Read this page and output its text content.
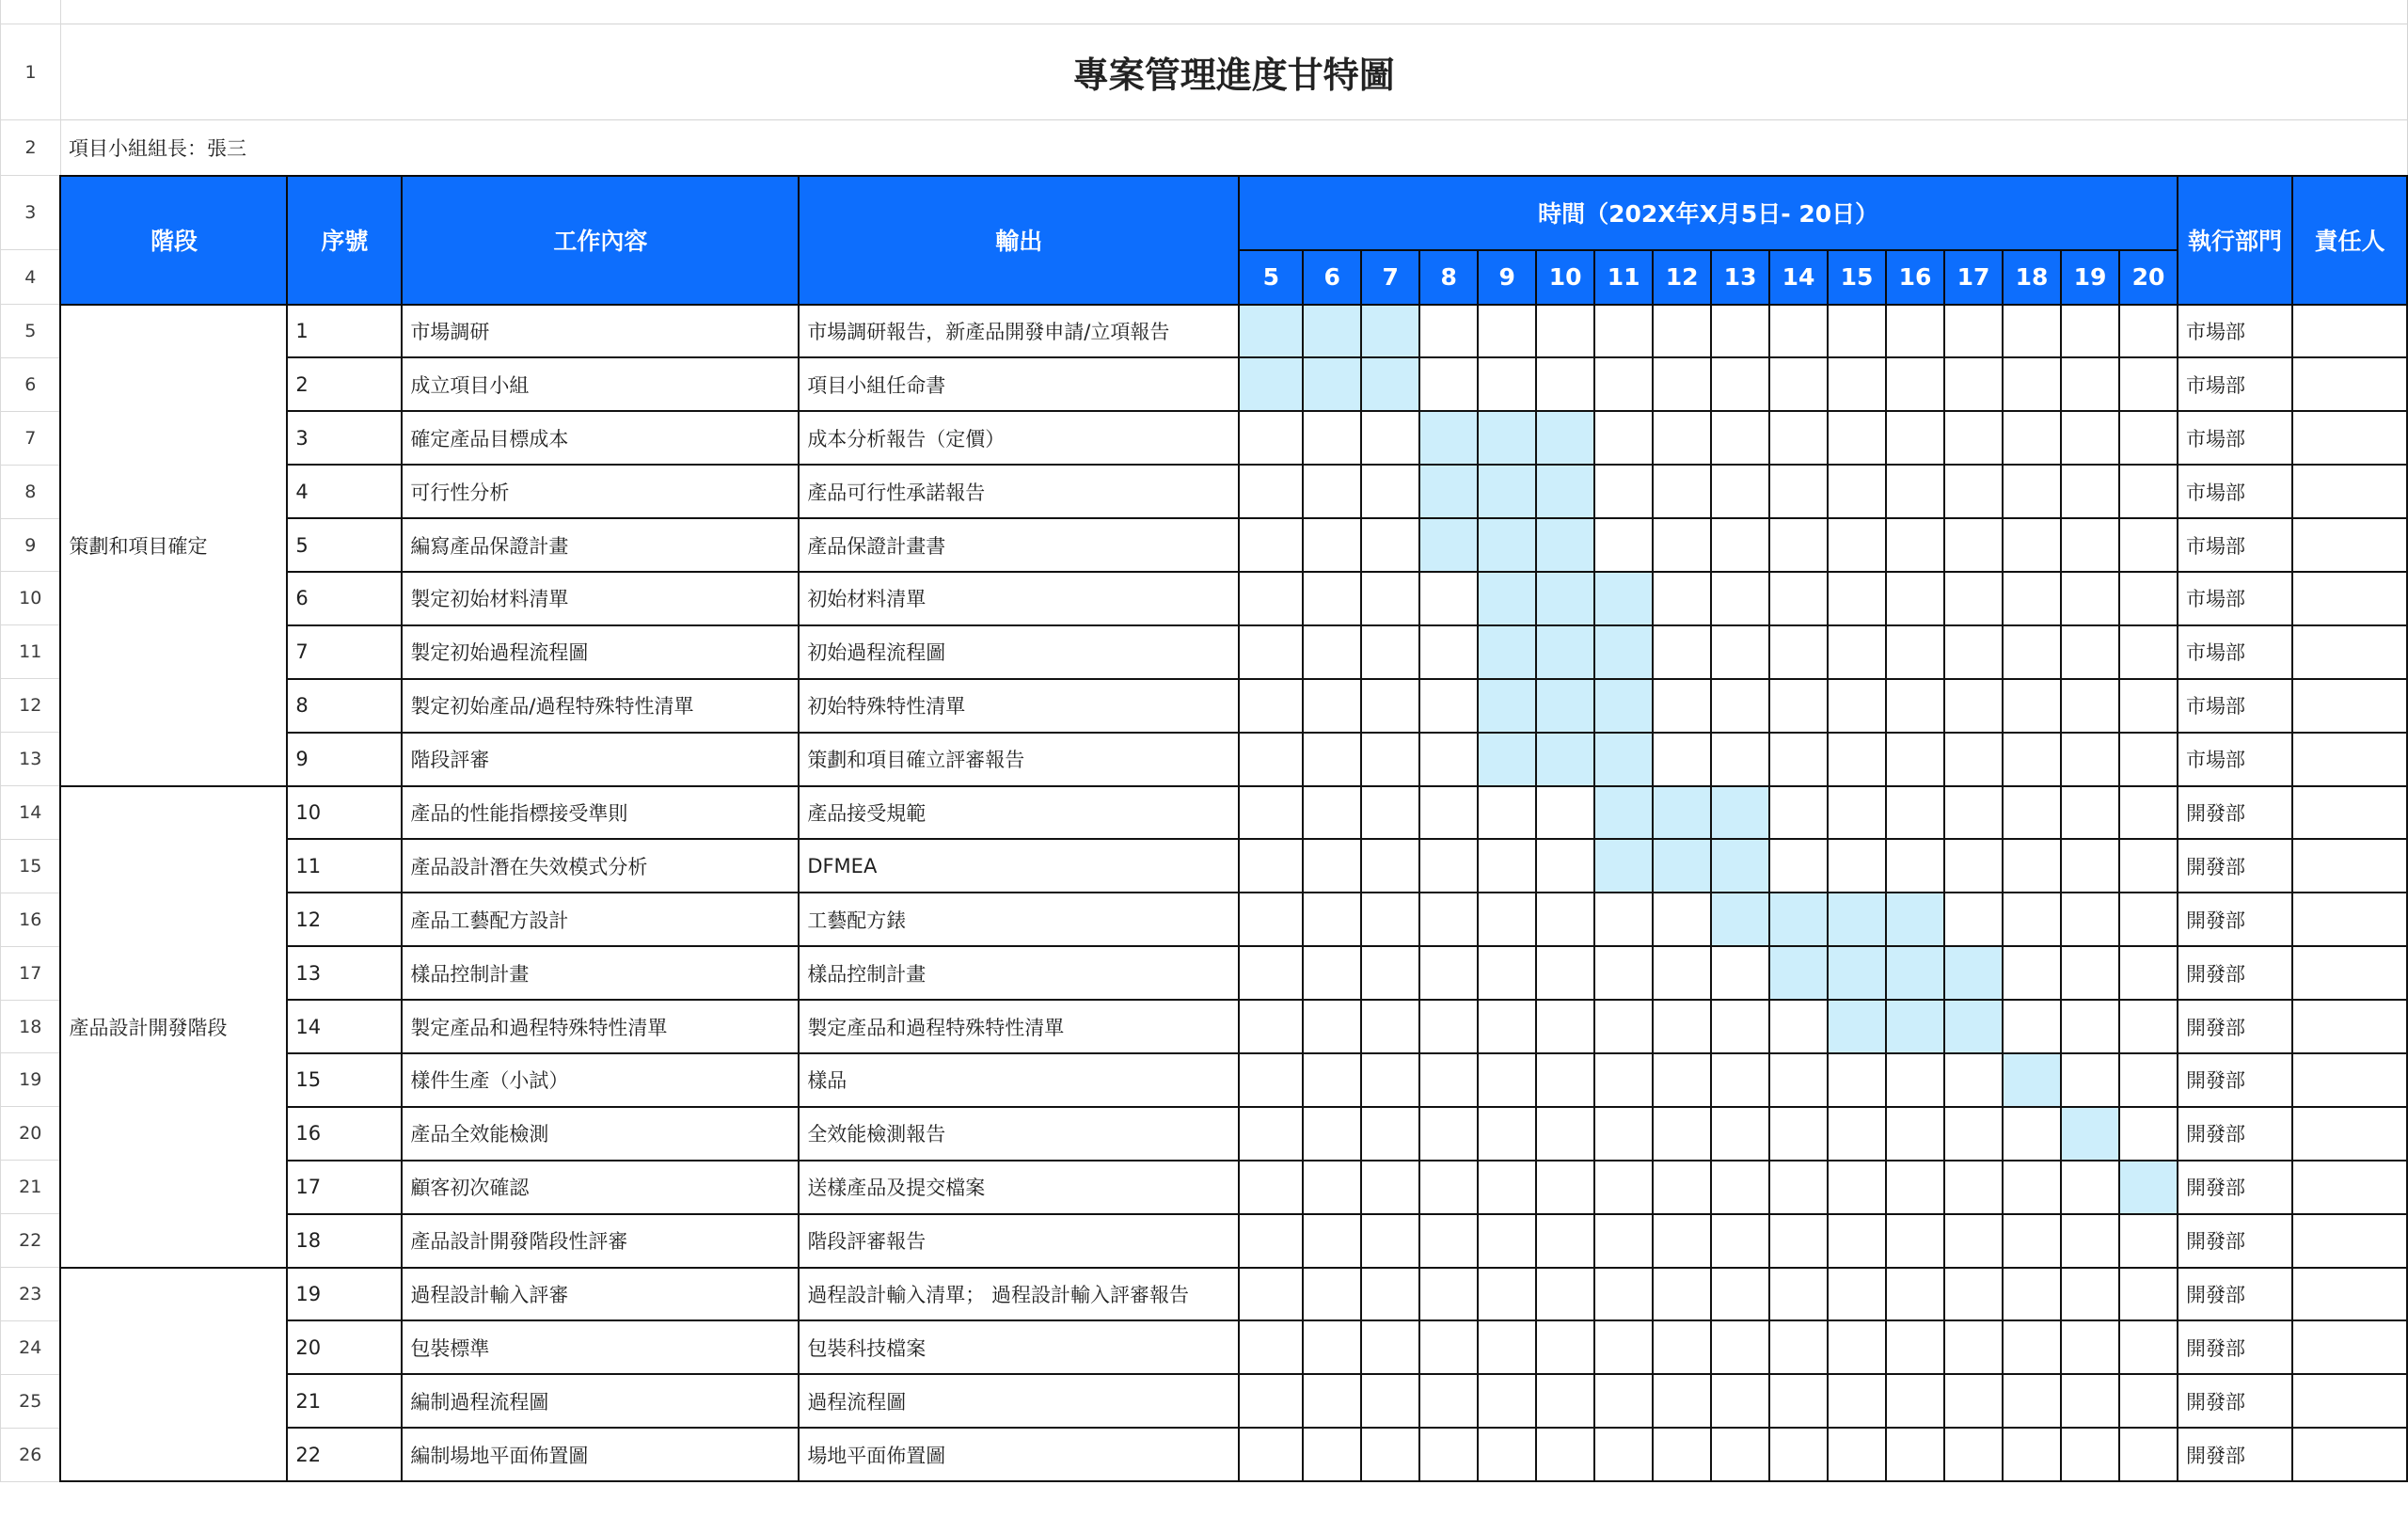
1	專案管理進度甘特圖																					
2	項目小組組長：張三																					
3	階段	序號	工作內容	輸出	時間（202X年X月5日- 20日）																執行部門	責任人
4					5	6	7	8	9	10	11	12	13	14	15	16	17	18	19	20		
5	策劃和項目確定	1	市場調研	市場調研報告，新產品開發申請/立項報告																	市場部	
6		2	成立項目小組	項目小組任命書																	市場部	
7		3	確定產品目標成本	成本分析報告（定價）																	市場部	
8		4	可行性分析	產品可行性承諾報告																	市場部	
9		5	編寫產品保證計畫	產品保證計畫書																	市場部	
10		6	製定初始材料清單	初始材料清單																	市場部	
11		7	製定初始過程流程圖	初始過程流程圖																	市場部	
12		8	製定初始產品/過程特殊特性清單	初始特殊特性清單																	市場部	
13		9	階段評審	策劃和項目確立評審報告																	市場部	
14	產品設計開發階段	10	產品的性能指標接受準則	產品接受規範																	開發部	
15		11	產品設計潛在失效模式分析	DFMEA																	開發部	
16		12	產品工藝配方設計	工藝配方錶																	開發部	
17		13	樣品控制計畫	樣品控制計畫																	開發部	
18		14	製定產品和過程特殊特性清單	製定產品和過程特殊特性清單																	開發部	
19		15	樣件生產（小試）	樣品																	開發部	
20		16	產品全效能檢測	全效能檢測報告																	開發部	
21		17	顧客初次確認	送樣產品及提交檔案																	開發部	
22		18	產品設計開發階段性評審	階段評審報告																	開發部	
23		19	過程設計輸入評審	過程設計輸入清單； 過程設計輸入評審報告																	開發部	
24		20	包裝標準	包裝科技檔案																	開發部	
25		21	編制過程流程圖	過程流程圖																	開發部	
26		22	編制場地平面佈置圖	場地平面佈置圖																	開發部	
